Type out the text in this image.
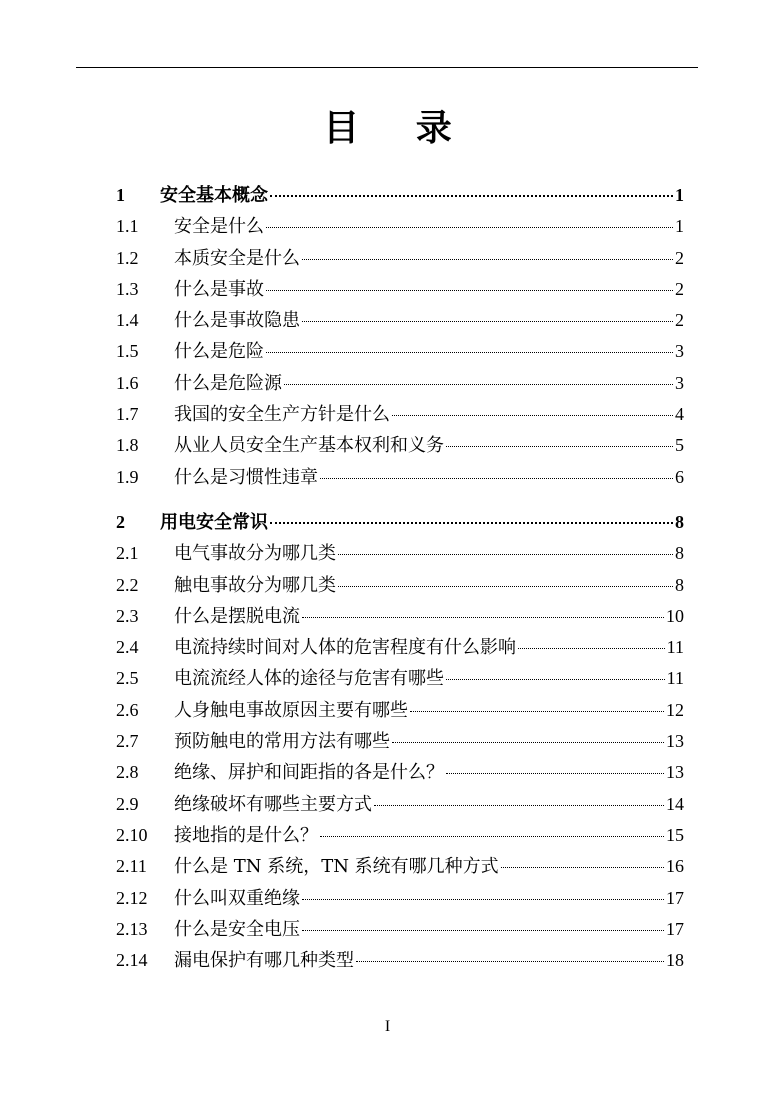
目 录
1	安全基本概念	1
1.1	安全是什么	1
1.2	本质安全是什么	2
1.3	什么是事故	2
1.4	什么是事故隐患	2
1.5	什么是危险	3
1.6	什么是危险源	3
1.7	我国的安全生产方针是什么	4
1.8	从业人员安全生产基本权利和义务	5
1.9	什么是习惯性违章	6
2	用电安全常识	8
2.1	电气事故分为哪几类	8
2.2	触电事故分为哪几类	8
2.3	什么是摆脱电流	10
2.4	电流持续时间对人体的危害程度有什么影响	11
2.5	电流流经人体的途径与危害有哪些	11
2.6	人身触电事故原因主要有哪些	12
2.7	预防触电的常用方法有哪些	13
2.8	绝缘、屏护和间距指的各是什么？	13
2.9	绝缘破坏有哪些主要方式	14
2.10	接地指的是什么？	15
2.11	什么是 TN 系统，TN 系统有哪几种方式	16
2.12	什么叫双重绝缘	17
2.13	什么是安全电压	17
2.14	漏电保护有哪几种类型	18
I
